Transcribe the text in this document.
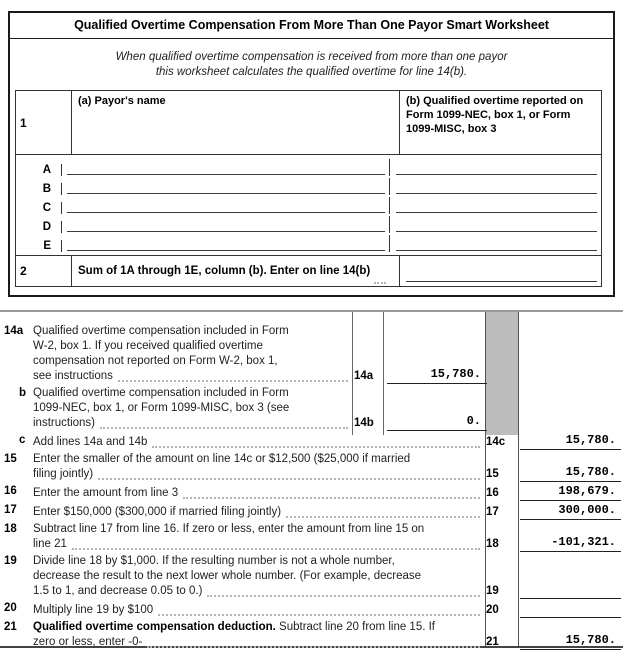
Qualified Overtime Compensation From More Than One Payor Smart Worksheet
When qualified overtime compensation is received from more than one payor
this worksheet calculates the qualified overtime for line 14(b).
1
(a) Payor's name	(b) Qualified overtime reported on Form 1099-NEC, box 1, or Form 1099-MISC, box 3
A
B
C
D
E
2	Sum of 1A through 1E, column (b). Enter on line 14(b)
14a Qualified overtime compensation included in Form
W-2, box 1. If you received qualified overtime
compensation not reported on Form W-2, box 1,
see instructions	14a	15,780.
b Qualified overtime compensation included in Form
1099-NEC, box 1, or Form 1099-MISC, box 3 (see
instructions)	14b	0.
c Add lines 14a and 14b	14c	15,780.
15	Enter the smaller of the amount on line 14c or $12,500 ($25,000 if married
filing jointly)	15	15,780.
16	Enter the amount from line 3	16	198,679.
17	Enter $150,000 ($300,000 if married filing jointly)	17	300,000.
18	Subtract line 17 from line 16. If zero or less, enter the amount from line 15 on
line 21	18	-101,321.
19	Divide line 18 by $1,000. If the resulting number is not a whole number,
decrease the result to the next lower whole number. (For example, decrease
1.5 to 1, and decrease 0.05 to 0.)	19
20	Multiply line 19 by $100	20
21	Qualified overtime compensation deduction. Subtract line 20 from line 15. If
zero or less, enter -0-	21	15,780.
